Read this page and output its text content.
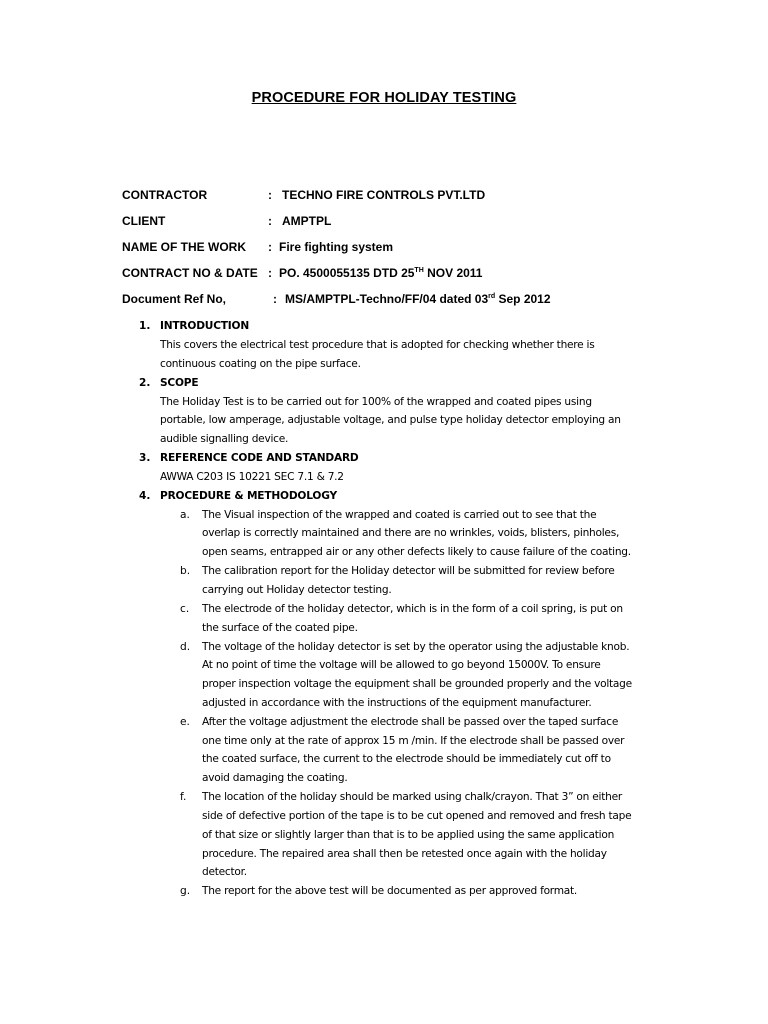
PROCEDURE FOR HOLIDAY TESTING
CONTRACTOR	: TECHNO FIRE CONTROLS PVT.LTD
CLIENT	: AMPTPL
NAME OF THE WORK : Fire fighting system
CONTRACT NO & DATE : PO. 4500055135 DTD 25TH NOV 2011
Document Ref No,	: MS/AMPTPL-Techno/FF/04 dated 03rd Sep 2012
1. INTRODUCTION
This covers the electrical test procedure that is adopted for checking whether there is
continuous coating on the pipe surface.
2. SCOPE
The Holiday Test is to be carried out for 100% of the wrapped and coated pipes using
portable, low amperage, adjustable voltage, and pulse type holiday detector employing an
audible signalling device.
3. REFERENCE CODE AND STANDARD
AWWA C203 IS 10221 SEC 7.1 & 7.2
4. PROCEDURE & METHODOLOGY
a. The Visual inspection of the wrapped and coated is carried out to see that the
overlap is correctly maintained and there are no wrinkles, voids, blisters, pinholes,
open seams, entrapped air or any other defects likely to cause failure of the coating.
b. The calibration report for the Holiday detector will be submitted for review before
carrying out Holiday detector testing.
c. The electrode of the holiday detector, which is in the form of a coil spring, is put on
the surface of the coated pipe.
d. The voltage of the holiday detector is set by the operator using the adjustable knob.
At no point of time the voltage will be allowed to go beyond 15000V. To ensure
proper inspection voltage the equipment shall be grounded properly and the voltage
adjusted in accordance with the instructions of the equipment manufacturer.
e. After the voltage adjustment the electrode shall be passed over the taped surface
one time only at the rate of approx 15 m /min. If the electrode shall be passed over
the coated surface, the current to the electrode should be immediately cut off to
avoid damaging the coating.
f. The location of the holiday should be marked using chalk/crayon. That 3” on either
side of defective portion of the tape is to be cut opened and removed and fresh tape
of that size or slightly larger than that is to be applied using the same application
procedure. The repaired area shall then be retested once again with the holiday
detector.
g. The report for the above test will be documented as per approved format.
